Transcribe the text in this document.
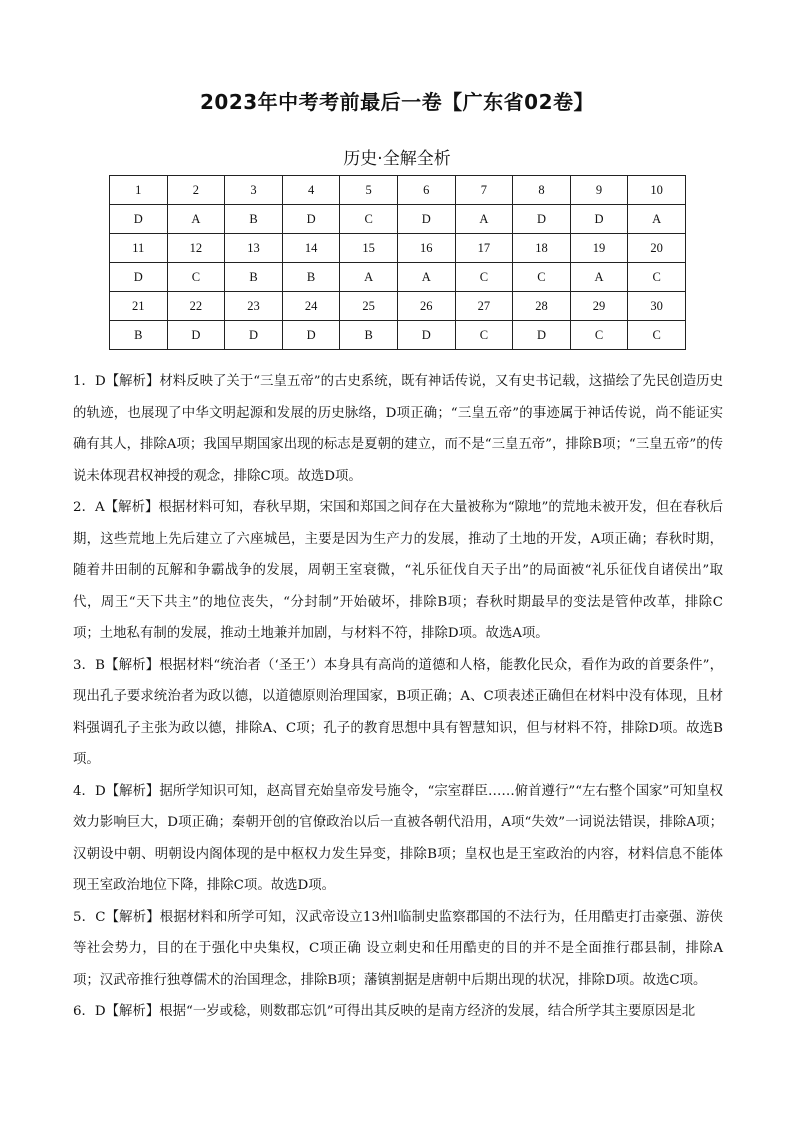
2023年中考考前最后一卷【广东省02卷】
历史·全解全析
1	2	3	4	5	6	7	8	9	10
D	A	B	D	C	D	A	D	D	A
11	12	13	14	15	16	17	18	19	20
D	C	B	B	A	A	C	C	A	C
21	22	23	24	25	26	27	28	29	30
B	D	D	D	B	D	C	D	C	C

1．D【解析】材料反映了关于“三皇五帝”的古史系统，既有神话传说，又有史书记载，这描绘了先民创造历史的轨迹，也展现了中华文明起源和发展的历史脉络，D项正确；“三皇五帝”的事迹属于神话传说，尚不能证实确有其人，排除A项；我国早期国家出现的标志是夏朝的建立，而不是“三皇五帝”，排除B项；“三皇五帝”的传说未体现君权神授的观念，排除C项。故选D项。

2．A【解析】根据材料可知，春秋早期，宋国和郑国之间存在大量被称为“隙地”的荒地未被开发，但在春秋后期，这些荒地上先后建立了六座城邑，主要是因为生产力的发展，推动了土地的开发，A项正确；春秋时期，随着井田制的瓦解和争霸战争的发展，周朝王室衰微，“礼乐征伐自天子出”的局面被“礼乐征伐自诸侯出”取代，周王“天下共主”的地位丧失，“分封制”开始破坏，排除B项；春秋时期最早的变法是管仲改革，排除C项；土地私有制的发展，推动土地兼并加剧，与材料不符，排除D项。故选A项。

3．B【解析】根据材料“统治者（‘圣王’）本身具有高尚的道德和人格，能教化民众，看作为政的首要条件”，现出孔子要求统治者为政以德，以道德原则治理国家，B项正确；A、C项表述正确但在材料中没有体现，且材料强调孔子主张为政以德，排除A、C项；孔子的教育思想中具有智慧知识，但与材料不符，排除D项。故选B项。

4．D【解析】据所学知识可知，赵高冒充始皇帝发号施令，“宗室群臣……俯首遵行”“左右整个国家”可知皇权效力影响巨大，D项正确；秦朝开创的官僚政治以后一直被各朝代沿用，A项“失效”一词说法错误，排除A项；汉朝设中朝、明朝设内阁体现的是中枢权力发生异变，排除B项；皇权也是王室政治的内容，材料信息不能体现王室政治地位下降，排除C项。故选D项。

5．C【解析】根据材料和所学可知，汉武帝设立13州l临制史监察郡国的不法行为，任用酷吏打击豪强、游侠等社会势力，目的在于强化中央集权，C项正确 设立刺史和任用酷吏的目的并不是全面推行郡县制，排除A项；汉武帝推行独尊儒术的治国理念，排除B项；藩镇割据是唐朝中后期出现的状况，排除D项。故选C项。

6．D【解析】根据“一岁或稔，则数郡忘饥”可得出其反映的是南方经济的发展，结合所学其主要原因是北
